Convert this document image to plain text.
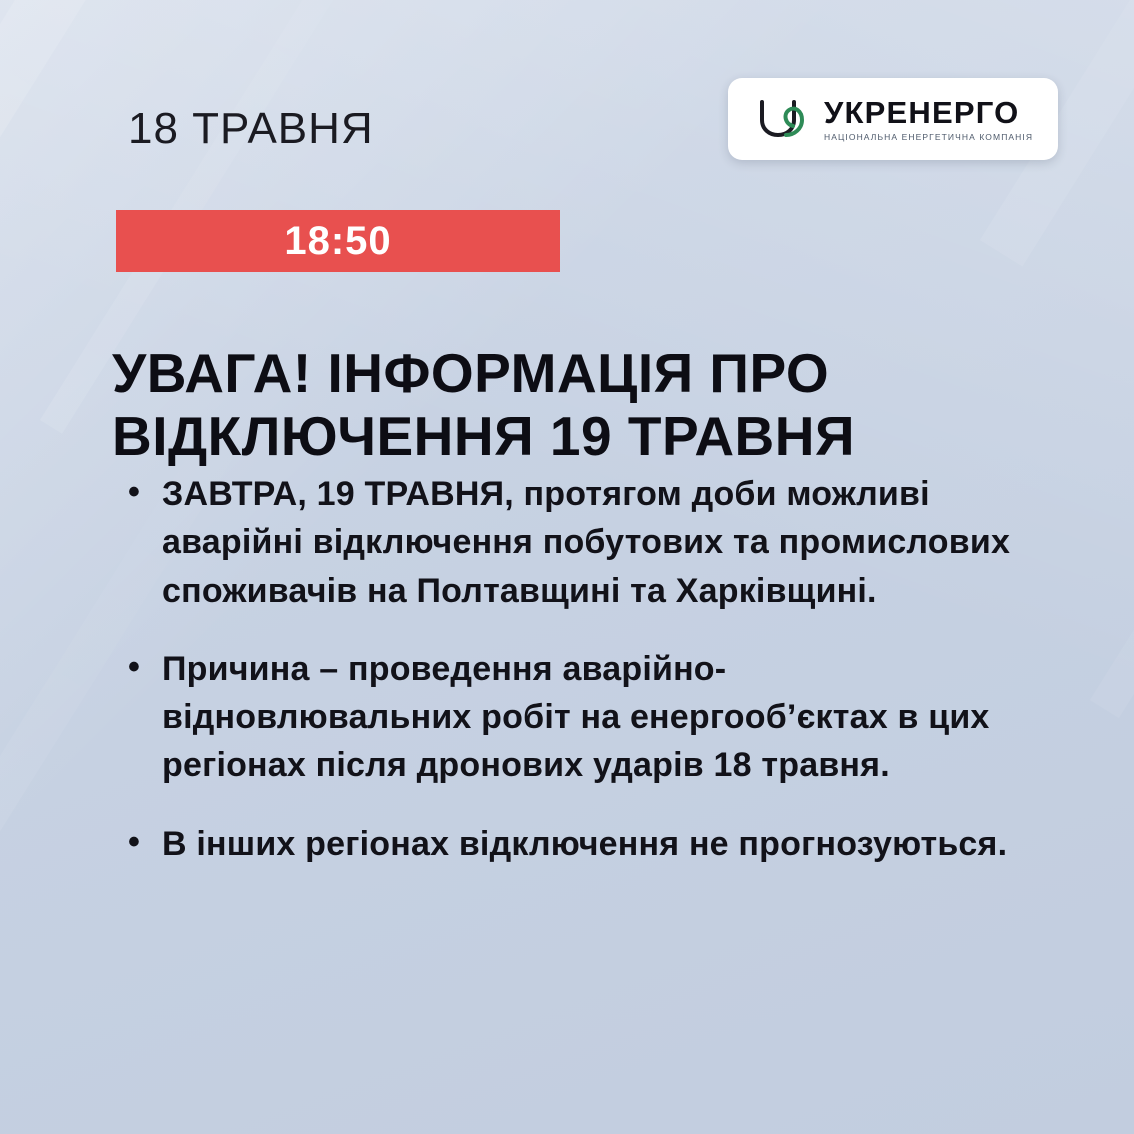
18 ТРАВНЯ	УКРЕНЕРГО
НАЦІОНАЛЬНА ЕНЕРГЕТИЧНА КОМПАНІЯ
18:50
УВАГА! ІНФОРМАЦІЯ ПРО ВІДКЛЮЧЕННЯ 19 ТРАВНЯ
• ЗАВТРА, 19 ТРАВНЯ, протягом доби можливі аварійні відключення побутових та промислових споживачів на Полтавщині та Харківщині.
• Причина – проведення аварійно-відновлювальних робіт на енергооб’єктах в цих регіонах після дронових ударів 18 травня.
• В інших регіонах відключення не прогнозуються.
